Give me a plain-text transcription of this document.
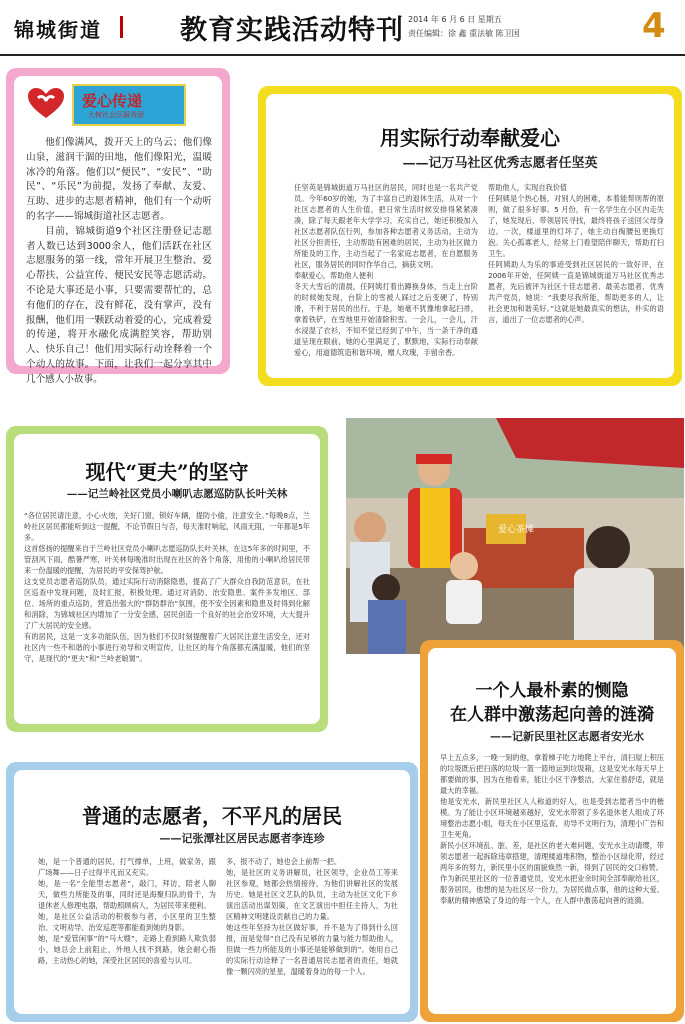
锦城街道	教育实践活动特刊 2014 年 6 月 6 日 星期五
责任编辑：徐 鑫 重法敏 陈卫国	4
爱心传递
大树社会区服务团
他们像满风，拨开天上的乌云；他们像山泉，滋润干涸的田地，他们像阳光，温暖冰冷的角落。他们以“便民”、“安民”、“助民”、“乐民”为前提，发扬了奉献、友爱、互助、进步的志愿者精神，他们有一个动听的名字——锦城街道社区志愿者。
目前，锦城街道9个社区注册登记志愿者人数已达到3000余人，他们活跃在社区志愿服务的第一线，常年开展卫生整治、爱心帮扶、公益宣传、便民安民等志愿活动。不论是大事还是小事，只要需要帮忙的，总有他们的存在，没有鲜花，没有掌声，没有报酬，他们用一颗跃动着爱的心，完成着爱的传递，将开水融化成满腔笑容，帮助别人、快乐自己！他们用实际行动诠释着一个个动人的故事。下面，让我们一起分享其中几个感人小故事。
用实际行动奉献爱心
——记万马社区优秀志愿者任坚英
任坚英是锦城街道万马社区的居民，同时也是一名共产党员。今年60岁的她，为了丰富自己的退休生活，从对一个社区志愿者的人生价值，把日常生活时候安排得紧紧凑凑，除了每天跟老年大学学习，充实自己，她还积极加入社区志愿者队伍行列，参加各种志愿者义务活动。主动为社区分担责任，主动帮助有困难的居民，主动为社区做力所能及的工作，主动当起了一名家庭志愿者，在自愿服务社区，服务居民的同时作华自己，摘获文明。
奉献爱心，帮助他人便利
冬天大雪后的清晨，任阿姨打着出蹲换身体，当走上台阶的时候她发现，台阶上的雪被人踩过之后变硬了，特别滑，不利于居民的出行。于是，她毫不犹豫地拿起扫帚，拿着铁铲，在雪地里开始清除积雪。一会儿，一会儿，汗水浸湿了衣衫，不知不觉已经到了中午，当一条干净的通道呈现在眼前，她的心里满足了，默默地，实际行动奉献爱心，用道德筑造和谐环境，赠人玫瑰，手留余香。
帮助他人，实现自我价值
任阿姨是个热心肠，对别人的困难，本着能帮则帮的原则，做了很多好事。5 月份，有一名学生在小区内走失了，她发现后，带领居民寻找，最终将孩子送回父母身边。一次，楼道里的灯坏了，她主动自掏腰包更换灯泡。关心孤寡老人，经常上门看望陪伴聊天，帮助打扫卫生。
任阿姨助人为乐的事迹受到社区居民的一致好评，在2006年开始，任阿姨一直是锦城街道万马社区优秀志愿者，先后被评为社区十佳志愿者、最美志愿者、优秀共产党员，她说：“我要尽我所能，帮助更多的人，让社会更加和谐美好。”这就是她最真实的想法，朴实的语言，道出了一位志愿者的心声。
现代“更夫”的坚守
——记兰岭社区党员小喇叭志愿巡防队长叶关林
“各位居民请注意，小心火烛，关好门窗，锁好车辆，提防小偷，注意安全。”每晚8点，兰岭社区居民都能听到这一提醒，不论节假日与否，每天准时响起，风雨无阻，一年都是5年多。
这首悠扬的提醒来自于兰岭社区党员小喇叭志愿巡防队长叶关林，在这5年多的时间里，不管刮风下雨，酷暑严寒，叶关林每晚准时出现在社区的各个角落，用他的小喇叭给居民带来一份温暖的提醒，为居民的平安保驾护航。
这支党员志愿者巡防队员，通过实际行动消除隐患，提高了广大群众自我防范意识，在社区巡查中发现问题，及时汇报，积极处理。通过对消防、治安隐患、案件多发地区、部位、场所的重点巡防，营造出强大的“群防群治”氛围，使不安全因素和隐患及时得到化解和消除，为锦城社区内增加了一分安全感，居民创造一个良好的社会治安环境，大大提升了广大居民的安全感。
有的居民，这是一支多功能队伍，因为他们不仅时刻提醒着广大居民注意生活安全，还对社区内一些不和谐的小事进行劝导和文明宣传，让社区的每个角落都充满温暖，他们的坚守，是现代的“更夫”和“兰岭老娘舅”。
爱心茶摊
一个人最朴素的恻隐
在人群中激荡起向善的涟漪
——记新民里社区志愿者安光水
早上五点多，一晚一刻的他，拿着梯子吃力地爬上平台，清扫屋上积压的垃圾既后把扫落的垃圾一篮一篮地运到垃圾箱，这是安光水每天早上都要做的事，因为在他看来，能让小区干净整洁，大家住着舒适，就是最大的幸福。
他是安光水，新民里社区人人称道的好人，也是受到志愿者当中的楷模。为了能让小区环境越来越好，安光水带领了多名退休老人组成了环境整治志愿小组，每天在小区里巡查，劝导不文明行为，清理小广告和卫生死角。
新民小区环境乱、脏、差，是社区的老大难问题，安光水主动请缨，带领志愿者一起拆除违章搭建，清理楼道堆积物，整治小区绿化带，经过两年多的努力，新民里小区的面貌焕然一新，得到了居民的交口称赞。
作为新民里社区的一位普通党员，安光水把业余时间全部奉献给社区，服务居民，他想的是为社区尽一份力，为居民做点事，他的这种大爱、奉献的精神感染了身边的每一个人，在人群中激荡起向善的涟漪。
普通的志愿者，不平凡的居民
——记张潭社区居民志愿者李连珍
她，是一个普通的居民，打气撑单，上班，做家务，跟广场舞——日子过得平凡而又充实。
她，是一名“全能型志愿者”，敲门，拜访，陪老人聊天，做些力所能及的事，同时还是海聚归队的骨干，为退休老人修理电器，帮助照顾病人，为居民带来便利。
她，是社区公益活动的积极参与者，小区里的卫生整治、文明劝导、治安巡逻等都能看到她的身影。
她，是“爱管闲事”的“马大嫂”，走路上看到路人欺负弱小，她总会上前阻止，外地人找不到路，她会耐心指路，主动热心的她，深受社区居民的喜爱与认可。
多，报不动了，她也会上前帮一把。
她，是社区的义务讲解员，社区领导，企业员工等来社区参观，她都会热情接待，为他们讲解社区的发展历史。她是社区文艺队的队员，主动为社区文化下乡演出活动出谋划策，在文艺演出中担任主持人，为社区精神文明建设贡献自己的力量。
她这些年坚持为社区做好事，并不是为了得到什么回报，而是觉得“自己没有足够的力量与能力帮助他人，但做一些力所能及的小事还是能够做到的”。她用自己的实际行动诠释了一名普通居民志愿者的责任，她就像一颗闪亮的星星，温暖着身边的每一个人。
